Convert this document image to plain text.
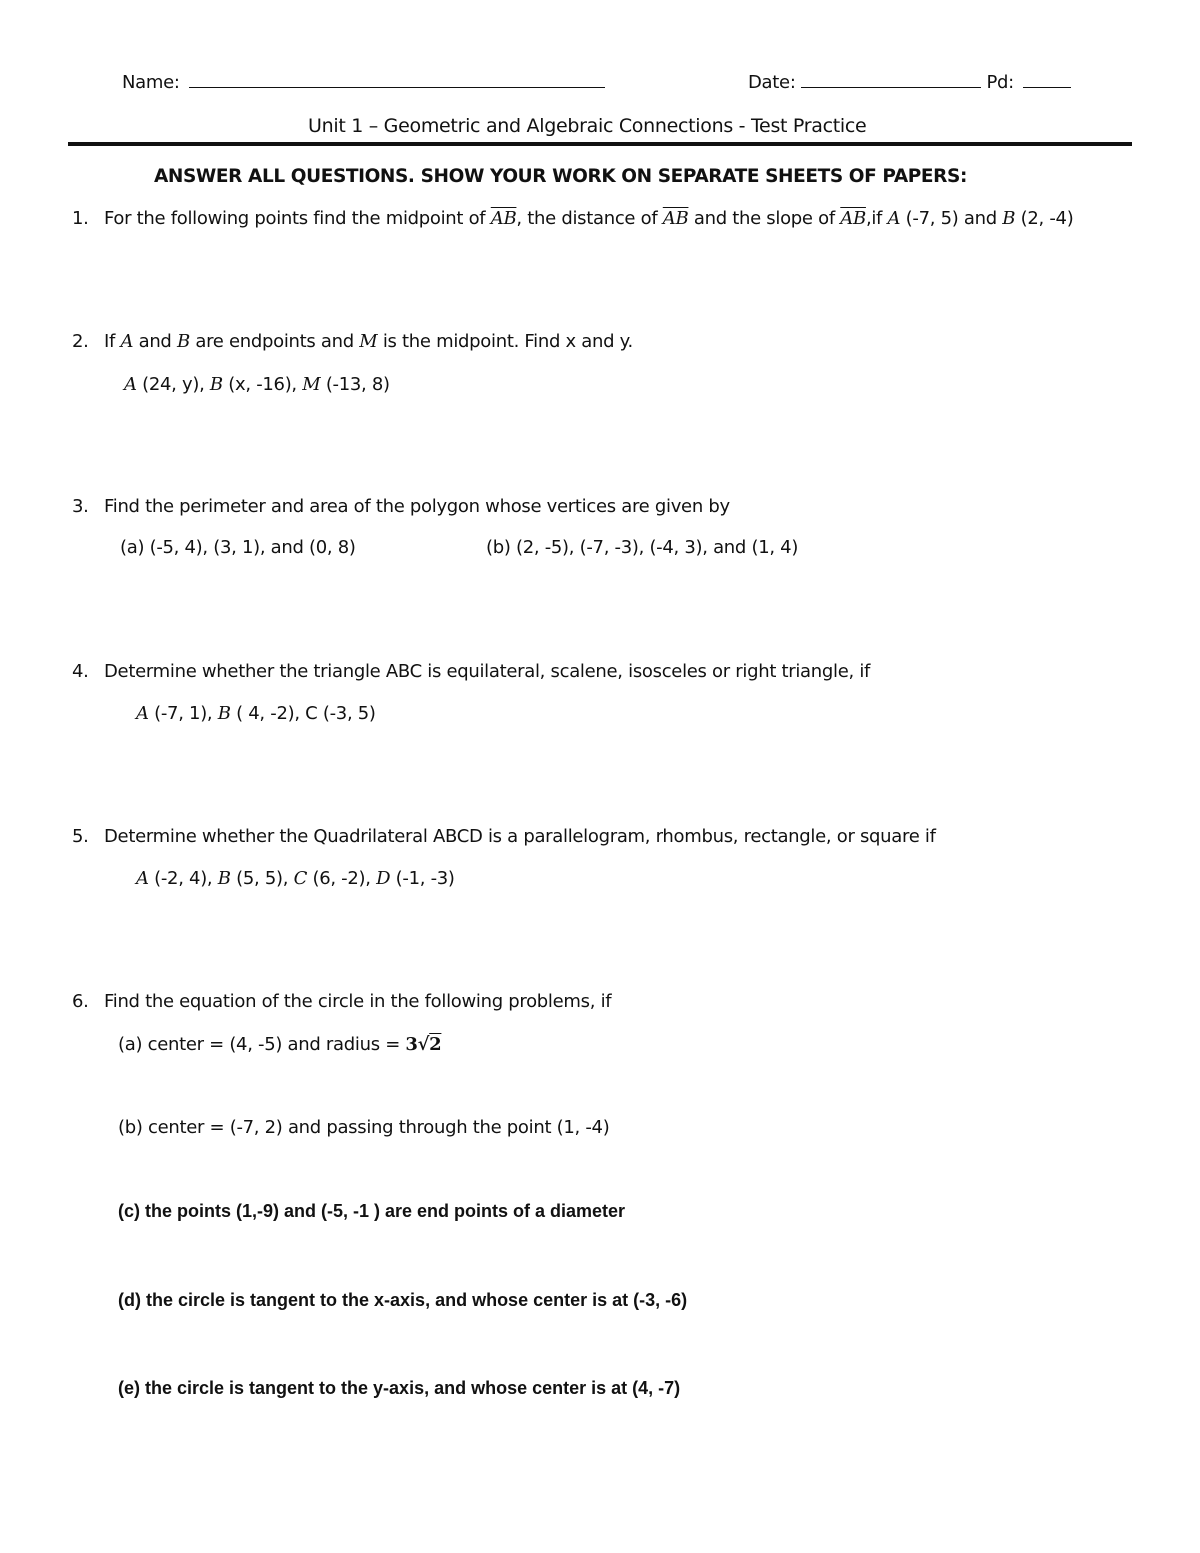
Name:	Date:	Pd:
Unit 1 – Geometric and Algebraic Connections - Test Practice
ANSWER ALL QUESTIONS. SHOW YOUR WORK ON SEPARATE SHEETS OF PAPERS:
1. For the following points find the midpoint of $\overline{AB}$, the distance of $\overline{AB}$ and the slope of $\overline{AB},if$ A (-7, 5) and B (2, -4)
2. If A and B are endpoints and M is the midpoint. Find x and y.
A (24, y), B (x, -16), M (-13, 8)
3. Find the perimeter and area of the polygon whose vertices are given by
(a) (-5, 4), (3, 1), and (0, 8)	(b) (2, -5), (-7, -3), (-4, 3), and (1, 4)
4. Determine whether the triangle ABC is equilateral, scalene, isosceles or right triangle, if
A (-7, 1), B ( 4, -2), C (-3, 5)
5. Determine whether the Quadrilateral ABCD is a parallelogram, rhombus, rectangle, or square if
A (-2, 4), B (5, 5), C (6, -2), D (-1, -3)
6. Find the equation of the circle in the following problems, if
(a) center = (4, -5) and radius = 3√2
(b) center = (-7, 2) and passing through the point (1, -4)
(c) the points (1,-9) and (-5, -1 ) are end points of a diameter
(d) the circle is tangent to the x-axis, and whose center is at (-3, -6)
(e) the circle is tangent to the y-axis, and whose center is at (4, -7)
